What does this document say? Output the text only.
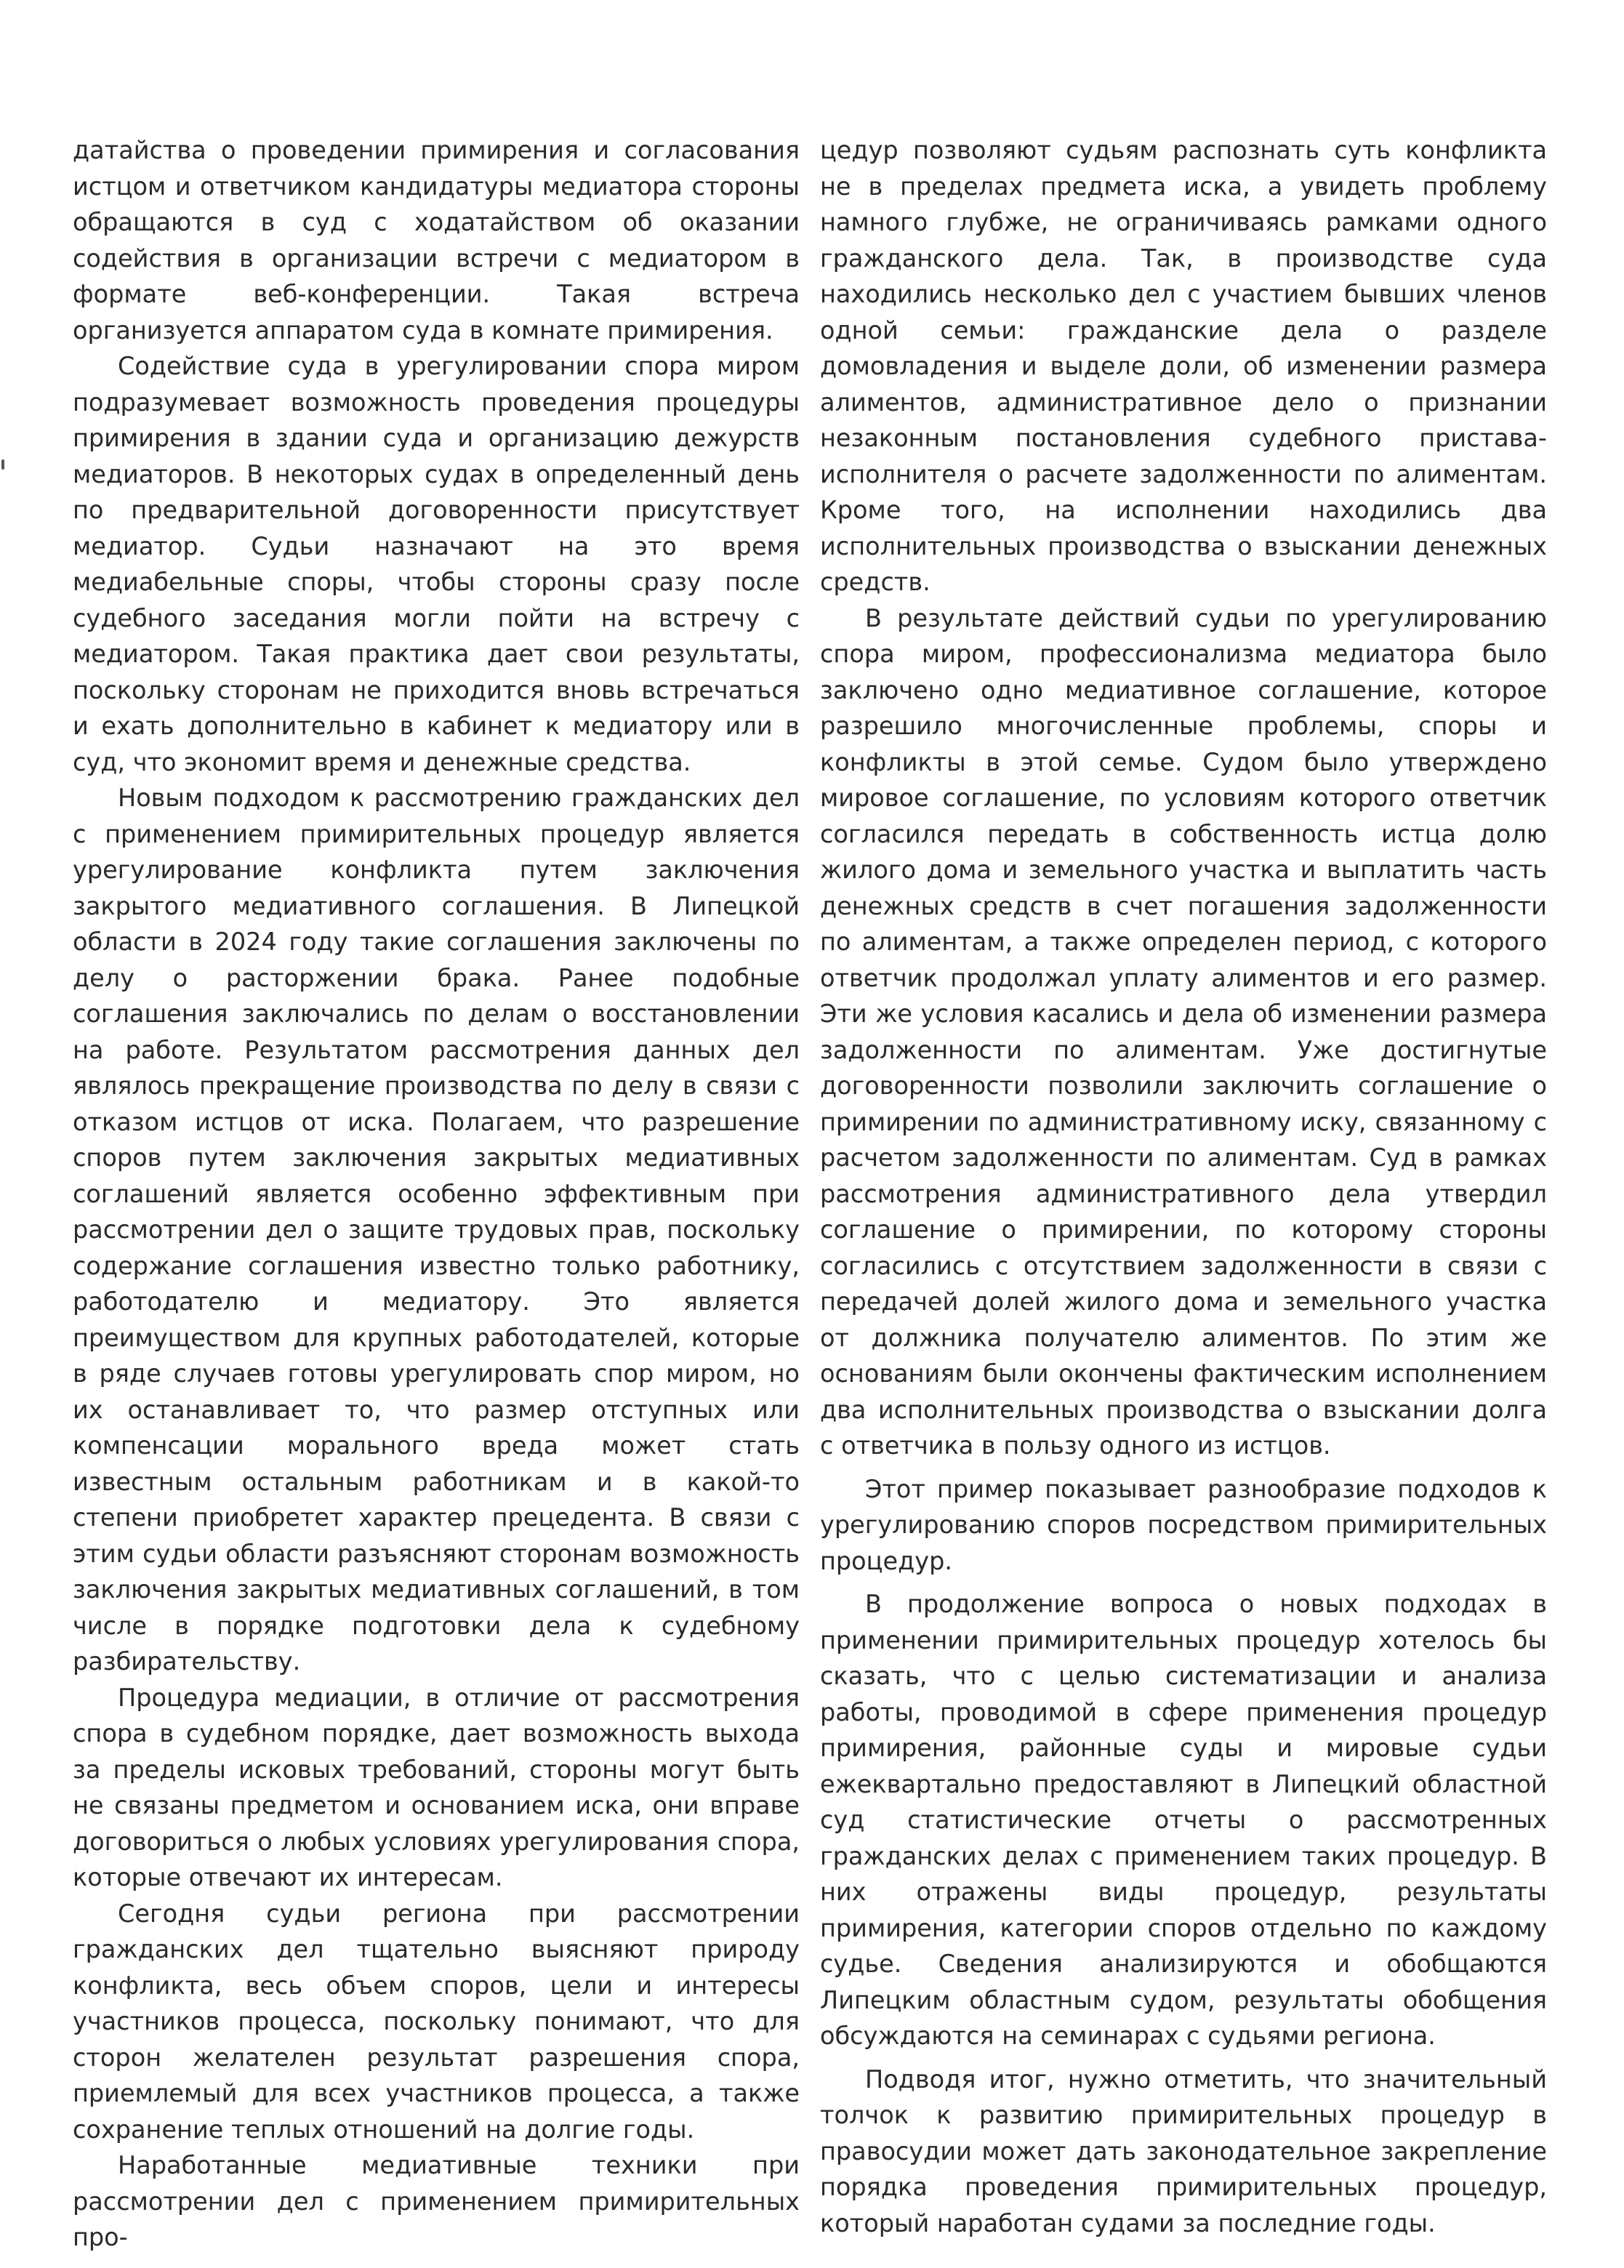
датайства о проведении примирения и согласования истцом и ответчиком кандидатуры медиатора стороны обращаются в суд с ходатайством об оказании содействия в организации встречи с медиатором в формате веб-конференции. Такая встреча организуется аппаратом суда в комнате примирения.

Содействие суда в урегулировании спора миром подразумевает возможность проведения процедуры примирения в здании суда и организацию дежурств медиаторов. В некоторых судах в определенный день по предварительной договоренности присутствует медиатор. Судьи назначают на это время медиабельные споры, чтобы стороны сразу после судебного заседания могли пойти на встречу с медиатором. Такая практика дает свои результаты, поскольку сторонам не приходится вновь встречаться и ехать дополнительно в кабинет к медиатору или в суд, что экономит время и денежные средства.

Новым подходом к рассмотрению гражданских дел с применением примирительных процедур является урегулирование конфликта путем заключения закрытого медиативного соглашения. В Липецкой области в 2024 году такие соглашения заключены по делу о расторжении брака. Ранее подобные соглашения заключались по делам о восстановлении на работе. Результатом рассмотрения данных дел являлось прекращение производства по делу в связи с отказом истцов от иска. Полагаем, что разрешение споров путем заключения закрытых медиативных соглашений является особенно эффективным при рассмотрении дел о защите трудовых прав, поскольку содержание соглашения известно только работнику, работодателю и медиатору. Это является преимуществом для крупных работодателей, которые в ряде случаев готовы урегулировать спор миром, но их останавливает то, что размер отступных или компенсации морального вреда может стать известным остальным работникам и в какой-то степени приобретет характер прецедента. В связи с этим судьи области разъясняют сторонам возможность заключения закрытых медиативных соглашений, в том числе в порядке подготовки дела к судебному разбирательству.

Процедура медиации, в отличие от рассмотрения спора в судебном порядке, дает возможность выхода за пределы исковых требований, стороны могут быть не связаны предметом и основанием иска, они вправе договориться о любых условиях урегулирования спора, которые отвечают их интересам.

Сегодня судьи региона при рассмотрении гражданских дел тщательно выясняют природу конфликта, весь объем споров, цели и интересы участников процесса, поскольку понимают, что для сторон желателен результат разрешения спора, приемлемый для всех участников процесса, а также сохранение теплых отношений на долгие годы.

Наработанные медиативные техники при рассмотрении дел с применением примирительных про-

цедур позволяют судьям распознать суть конфликта не в пределах предмета иска, а увидеть проблему намного глубже, не ограничиваясь рамками одного гражданского дела. Так, в производстве суда находились несколько дел с участием бывших членов одной семьи: гражданские дела о разделе домовладения и выделе доли, об изменении размера алиментов, административное дело о признании незаконным постановления судебного пристава-исполнителя о расчете задолженности по алиментам. Кроме того, на исполнении находились два исполнительных производства о взыскании денежных средств.

В результате действий судьи по урегулированию спора миром, профессионализма медиатора было заключено одно медиативное соглашение, которое разрешило многочисленные проблемы, споры и конфликты в этой семье. Судом было утверждено мировое соглашение, по условиям которого ответчик согласился передать в собственность истца долю жилого дома и земельного участка и выплатить часть денежных средств в счет погашения задолженности по алиментам, а также определен период, с которого ответчик продолжал уплату алиментов и его размер. Эти же условия касались и дела об изменении размера задолженности по алиментам. Уже достигнутые договоренности позволили заключить соглашение о примирении по административному иску, связанному с расчетом задолженности по алиментам. Суд в рамках рассмотрения административного дела утвердил соглашение о примирении, по которому стороны согласились с отсутствием задолженности в связи с передачей долей жилого дома и земельного участка от должника получателю алиментов. По этим же основаниям были окончены фактическим исполнением два исполнительных производства о взыскании долга с ответчика в пользу одного из истцов.

Этот пример показывает разнообразие подходов к урегулированию споров посредством примирительных процедур.

В продолжение вопроса о новых подходах в применении примирительных процедур хотелось бы сказать, что с целью систематизации и анализа работы, проводимой в сфере применения процедур примирения, районные суды и мировые судьи ежеквартально предоставляют в Липецкий областной суд статистические отчеты о рассмотренных гражданских делах с применением таких процедур. В них отражены виды процедур, результаты примирения, категории споров отдельно по каждому судье. Сведения анализируются и обобщаются Липецким областным судом, результаты обобщения обсуждаются на семинарах с судьями региона.

Подводя итог, нужно отметить, что значительный толчок к развитию примирительных процедур в правосудии может дать законодательное закрепление порядка проведения примирительных процедур, который наработан судами за последние годы.
